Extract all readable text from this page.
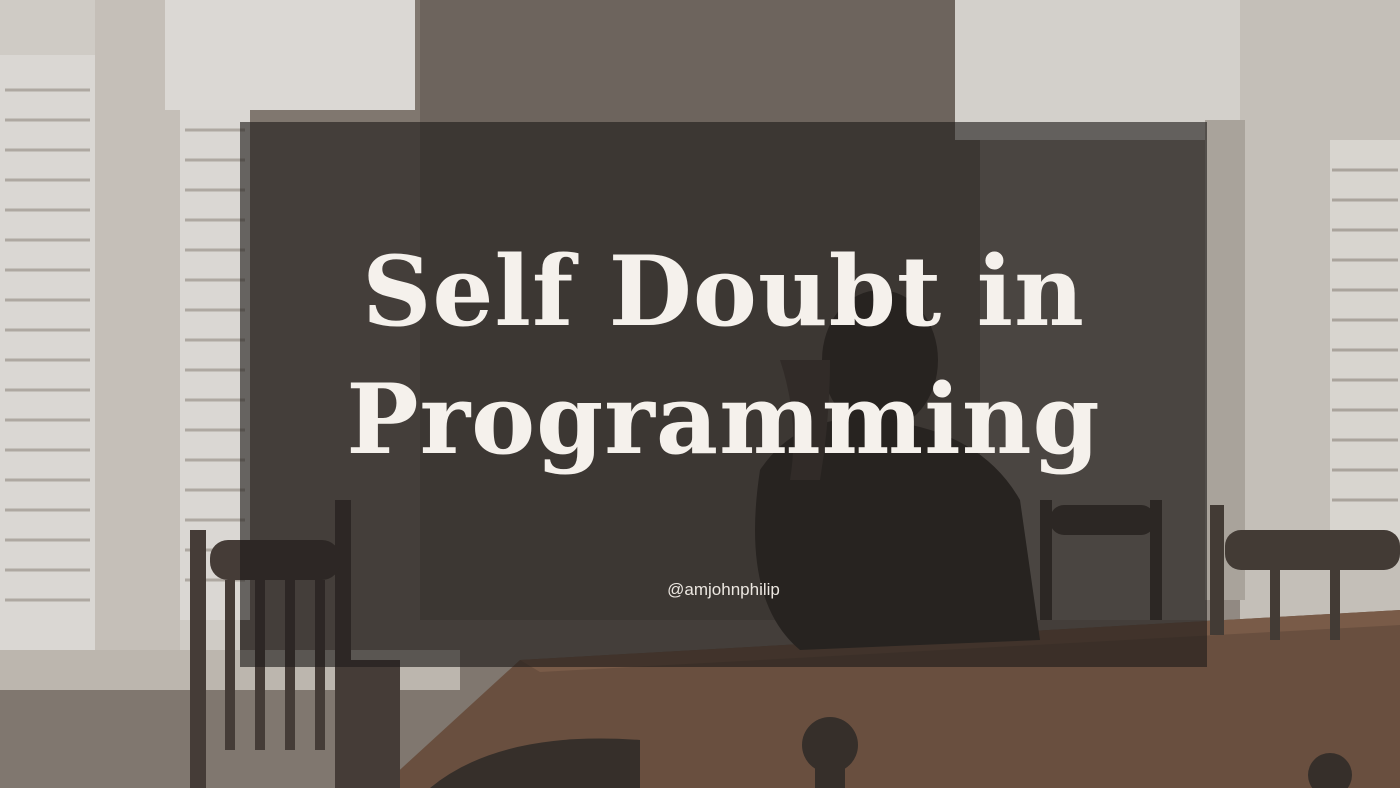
Self Doubt in
Programming
@amjohnphilip
